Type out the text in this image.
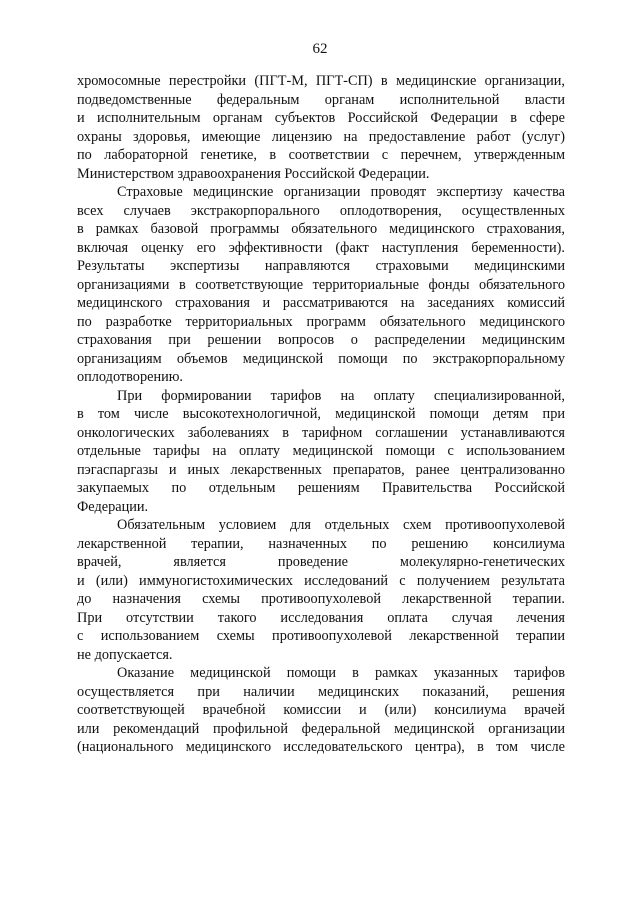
62
хромосомные перестройки (ПГТ-М, ПГТ-СП) в медицинские организации,
подведомственные федеральным органам исполнительной власти
и исполнительным органам субъектов Российской Федерации в сфере
охраны здоровья, имеющие лицензию на предоставление работ (услуг)
по лабораторной генетике, в соответствии с перечнем, утвержденным
Министерством здравоохранения Российской Федерации.
Страховые медицинские организации проводят экспертизу качества
всех случаев экстракорпорального оплодотворения, осуществленных
в рамках базовой программы обязательного медицинского страхования,
включая оценку его эффективности (факт наступления беременности).
Результаты экспертизы направляются страховыми медицинскими
организациями в соответствующие территориальные фонды обязательного
медицинского страхования и рассматриваются на заседаниях комиссий
по разработке территориальных программ обязательного медицинского
страхования при решении вопросов о распределении медицинским
организациям объемов медицинской помощи по экстракорпоральному
оплодотворению.
При формировании тарифов на оплату специализированной,
в том числе высокотехнологичной, медицинской помощи детям при
онкологических заболеваниях в тарифном соглашении устанавливаются
отдельные тарифы на оплату медицинской помощи с использованием
пэгаспаргазы и иных лекарственных препаратов, ранее централизованно
закупаемых по отдельным решениям Правительства Российской
Федерации.
Обязательным условием для отдельных схем противоопухолевой
лекарственной терапии, назначенных по решению консилиума
врачей, является проведение молекулярно-генетических
и (или) иммуногистохимических исследований с получением результата
до назначения схемы противоопухолевой лекарственной терапии.
При отсутствии такого исследования оплата случая лечения
с использованием схемы противоопухолевой лекарственной терапии
не допускается.
Оказание медицинской помощи в рамках указанных тарифов
осуществляется при наличии медицинских показаний, решения
соответствующей врачебной комиссии и (или) консилиума врачей
или рекомендаций профильной федеральной медицинской организации
(национального медицинского исследовательского центра), в том числе
